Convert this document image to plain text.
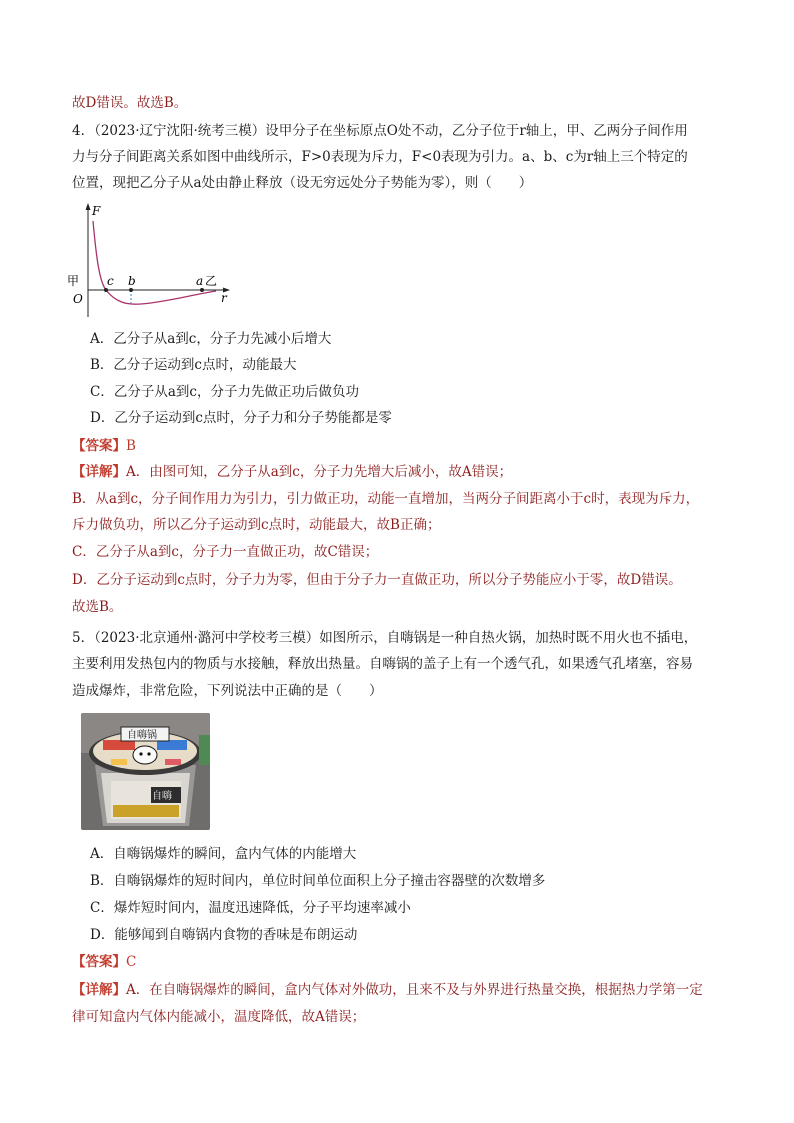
故D错误。故选B。
4．（2023·辽宁沈阳·统考三模）设甲分子在坐标原点O处不动，乙分子位于r轴上，甲、乙两分子间作用
力与分子间距离关系如图中曲线所示，F>0表现为斥力，F<0表现为引力。a、b、c为r轴上三个特定的
位置，现把乙分子从a处由静止释放（设无穷远处分子势能为零），则（　　）
F
甲
O
c b	a 乙
r
A．乙分子从a到c，分子力先减小后增大
B．乙分子运动到c点时，动能最大
C．乙分子从a到c，分子力先做正功后做负功
D．乙分子运动到c点时，分子力和分子势能都是零
【答案】B
【详解】A．由图可知，乙分子从a到c，分子力先增大后减小，故A错误；
B．从a到c，分子间作用力为引力，引力做正功，动能一直增加，当两分子间距离小于c时，表现为斥力，
斥力做负功，所以乙分子运动到c点时，动能最大，故B正确；
C．乙分子从a到c，分子力一直做正功，故C错误；
D．乙分子运动到c点时，分子力为零，但由于分子力一直做正功，所以分子势能应小于零，故D错误。
故选B。
5．（2023·北京通州·潞河中学校考三模）如图所示，自嗨锅是一种自热火锅，加热时既不用火也不插电，
主要利用发热包内的物质与水接触，释放出热量。自嗨锅的盖子上有一个透气孔，如果透气孔堵塞，容易
造成爆炸，非常危险，下列说法中正确的是（　　）
自嗨
自嗨锅
A．自嗨锅爆炸的瞬间，盒内气体的内能增大
B．自嗨锅爆炸的短时间内，单位时间单位面积上分子撞击容器壁的次数增多
C．爆炸短时间内，温度迅速降低，分子平均速率减小
D．能够闻到自嗨锅内食物的香味是布朗运动
【答案】C
【详解】A．在自嗨锅爆炸的瞬间，盒内气体对外做功，且来不及与外界进行热量交换，根据热力学第一定
律可知盒内气体内能减小，温度降低，故A错误；
